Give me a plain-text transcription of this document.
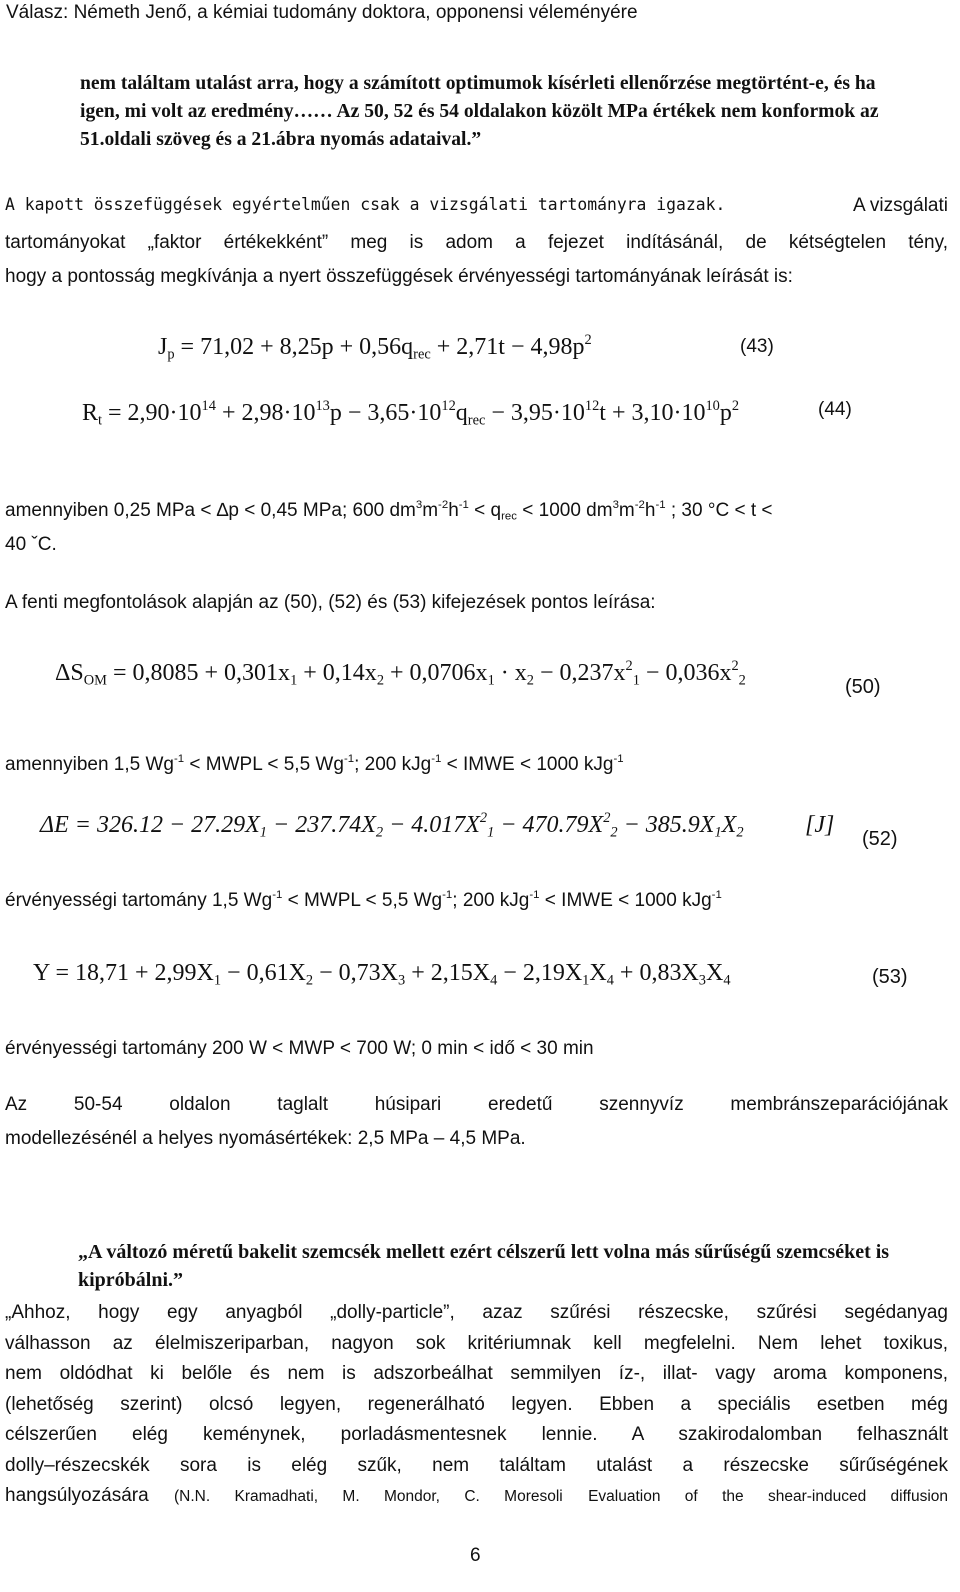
Válasz: Németh Jenő, a kémiai tudomány doktora, opponensi véleményére
nem találtam utalást arra, hogy a számított optimumok kísérleti ellenőrzése megtörtént-e, és ha igen, mi volt az eredmény…… Az 50, 52 és 54 oldalakon közölt MPa értékek nem konformok az 51.oldali szöveg és a 21.ábra nyomás adataival.”
A kapott összefüggések egyértelműen csak a vizsgálati tartományra igazak.	A vizsgálati
tartományokat „faktor értékekként” meg is adom a fejezet indításánál, de kétségtelen tény,
hogy a pontosság megkívánja a nyert összefüggések érvényességi tartományának leírását is:
$J_p = 71,02 + 8,25p + 0,56q_{rec} + 2,71t - 4,98p^2$	(43)
$R_t = 2,90\cdot 10^{14} + 2,98\cdot 10^{13}p - 3,65\cdot 10^{12}q_{rec} - 3,95\cdot 10^{12}t + 3,10\cdot 10^{10}p^2$	(44)
amennyiben 0,25 MPa < ∆p < 0,45 MPa; 600 $dm^3m^{-2}h^{-1} < q_{rec} < 1000$ $dm^3m^{-2}h^{-1}$ ; 30 °C < t <
40 ˇC.
A fenti megfontolások alapján az (50), (52) és (53) kifejezések pontos leírása:
$\Delta S_{OM} = 0,8085 + 0,301x_1 + 0,14x_2 + 0,0706x_1 \cdot x_2 - 0,237x^2_1 - 0,036x^2_2$	(50)
amennyiben 1,5 $Wg^{-1}$ < MWPL < 5,5 $Wg^{-1}$; 200 kJg$^{-1}$ < IMWE < 1000 kJg$^{-1}$
$\Delta E = 326.12 - 27.29X_1 - 237.74X_2 - 4.017X^2_1 - 470.79X^2_2 - 385.9X_1X_2$	[J]
(52)
érvényességi tartomány 1,5 $Wg^{-1}$ < MWPL < 5,5 $Wg^{-1}$; 200 kJg$^{-1}$ < IMWE < 1000 kJg$^{-1}$
$Y = 18,71 + 2,99X_1 - 0,61X_2 - 0,73X_3 + 2,15X_4 - 2,19X_1X_4 + 0,83X_3X_4$	(53)
érvényességi tartomány 200 W < MWP < 700 W; 0 min < idő < 30 min
Az 50-54 oldalon taglalt húsipari eredetű szennyvíz membránszeparációjának
modellezésénél a helyes nyomásértékek: 2,5 MPa – 4,5 MPa.
„A változó méretű bakelit szemcsék mellett ezért célszerű lett volna más sűrűségű szemcséket is kipróbálni.”
„Ahhoz, hogy egy anyagból „dolly-particle”, azaz szűrési részecske, szűrési segédanyag
válhasson az élelmiszeriparban, nagyon sok kritériumnak kell megfelelni. Nem lehet toxikus,
nem oldódhat ki belőle és nem is adszorbeálhat semmilyen íz-, illat- vagy aroma komponens,
(lehetőség szerint) olcsó legyen, regenerálható legyen. Ebben a speciális esetben még
célszerűen elég keménynek, porladásmentesnek lennie. A szakirodalomban felhasznált
dolly–részecskék sora is elég szűk, nem találtam utalást a részecske sűrűségének
hangsúlyozására (N.N. Kramadhati, M. Mondor, C. Moresoli Evaluation of the shear-induced diffusion
6
